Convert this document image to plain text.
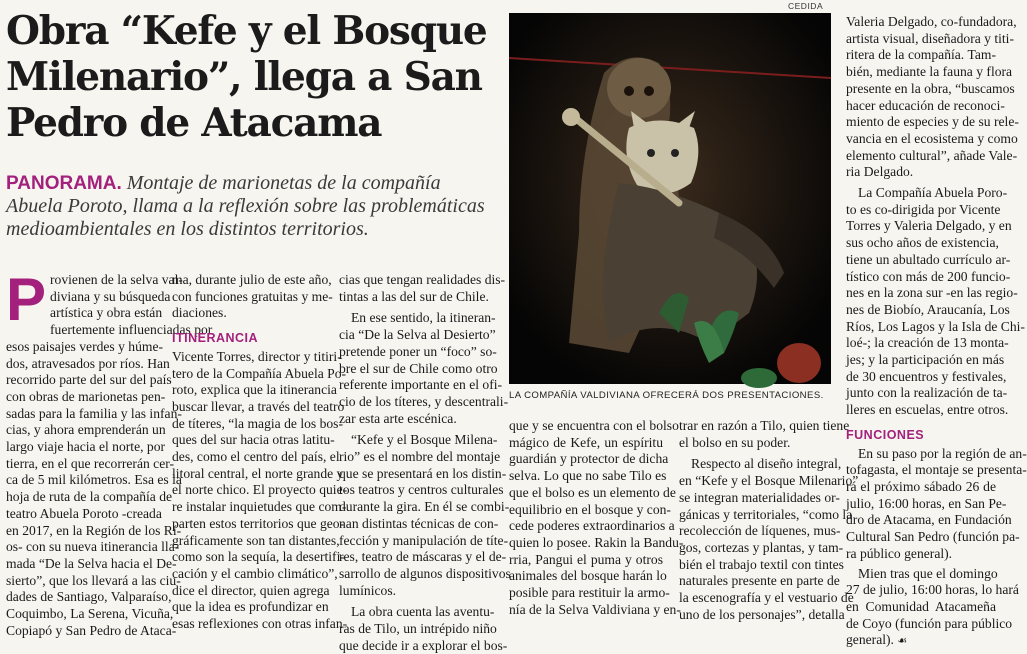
Obra “Kefe y el Bosque
Milenario”, llega a San
Pedro de Atacama
PANORAMA. Montaje de marionetas de la compañía Abuela Poroto, llama a la reflexión sobre las problemáticas medioambientales en los distintos territorios.
P rovienen de la selva val-
diviana y su búsqueda
artística y obra están
fuertemente influenciadas por
esos paisajes verdes y húme-
dos, atravesados por ríos. Han
recorrido parte del sur del país
con obras de marionetas pen-
sadas para la familia y las infan-
cias, y ahora emprenderán un
largo viaje hacia el norte, por
tierra, en el que recorrerán cer-
ca de 5 mil kilómetros. Esa es la
hoja de ruta de la compañía de
teatro Abuela Poroto -creada
en 2017, en la Región de los Rí-
os- con su nueva itinerancia lla-
mada “De la Selva hacia el De-
sierto”, que los llevará a las ciu-
dades de Santiago, Valparaíso,
Coquimbo, La Serena, Vicuña,
Copiapó y San Pedro de Ataca-
ma, durante julio de este año,
con funciones gratuitas y me-
diaciones.
ITINERANCIA
Vicente Torres, director y titiri-
tero de la Compañía Abuela Po-
roto, explica que la itinerancia
buscar llevar, a través del teatro
de títeres, “la magia de los bos-
ques del sur hacia otras latitu-
des, como el centro del país, el
litoral central, el norte grande y
el norte chico. El proyecto quie-
re instalar inquietudes que com-
parten estos territorios que geo-
gráficamente son tan distantes,
como son la sequía, la desertifi-
cación y el cambio climático”,
dice el director, quien agrega
que la idea es profundizar en
esas reflexiones con otras infan-
cias que tengan realidades dis-
tintas a las del sur de Chile.
En ese sentido, la itineran-
cia “De la Selva al Desierto”
pretende poner un “foco” so-
bre el sur de Chile como otro
referente importante en el ofi-
cio de los títeres, y descentrali-
zar esta arte escénica.
“Kefe y el Bosque Milena-
rio” es el nombre del montaje
que se presentará en los distin-
tos teatros y centros culturales
durante la gira. En él se combi-
nan distintas técnicas de con-
fección y manipulación de títe-
res, teatro de máscaras y el de-
sarrollo de algunos dispositivos
lumínicos.
La obra cuenta las aventu-
ras de Tilo, un intrépido niño
que decide ir a explorar el bos-
CEDIDA
LA COMPAÑÍA VALDIVIANA OFRECERÁ DOS PRESENTACIONES.
que y se encuentra con el bolso
mágico de Kefe, un espíritu
guardián y protector de dicha
selva. Lo que no sabe Tilo es
que el bolso es un elemento de
equilibrio en el bosque y con-
cede poderes extraordinarios a
quien lo posee. Rakin la Bandu-
rria, Pangui el puma y otros
animales del bosque harán lo
posible para restituir la armo-
nía de la Selva Valdiviana y en-
trar en razón a Tilo, quien tiene
el bolso en su poder.
Respecto al diseño integral,
en “Kefe y el Bosque Milenario”
se integran materialidades or-
gánicas y territoriales, “como la
recolección de líquenes, mus-
gos, cortezas y plantas, y tam-
bién el trabajo textil con tintes
naturales presente en parte de
la escenografía y el vestuario de
uno de los personajes”, detalla
Valeria Delgado, co-fundadora,
artista visual, diseñadora y titi-
ritera de la compañía. Tam-
bién, mediante la fauna y flora
presente en la obra, “buscamos
hacer educación de reconoci-
miento de especies y de su rele-
vancia en el ecosistema y como
elemento cultural”, añade Vale-
ria Delgado.
La Compañía Abuela Poro-
to es co-dirigida por Vicente
Torres y Valeria Delgado, y en
sus ocho años de existencia,
tiene un abultado currículo ar-
tístico con más de 200 funcio-
nes en la zona sur -en las regio-
nes de Biobío, Araucanía, Los
Ríos, Los Lagos y la Isla de Chi-
loé-; la creación de 13 monta-
jes; y la participación en más
de 30 encuentros y festivales,
junto con la realización de ta-
lleres en escuelas, entre otros.
FUNCIONES
En su paso por la región de an-
tofagasta, el montaje se presenta-
rá el próximo sábado 26 de
julio, 16:00 horas, en San Pe-
dro de Atacama, en Fundación
Cultural San Pedro (función pa-
ra público general).
Mien tras que el domingo
27 de julio, 16:00 horas, lo hará
en Comunidad Atacameña
de Coyo (función para público
general). ☙
